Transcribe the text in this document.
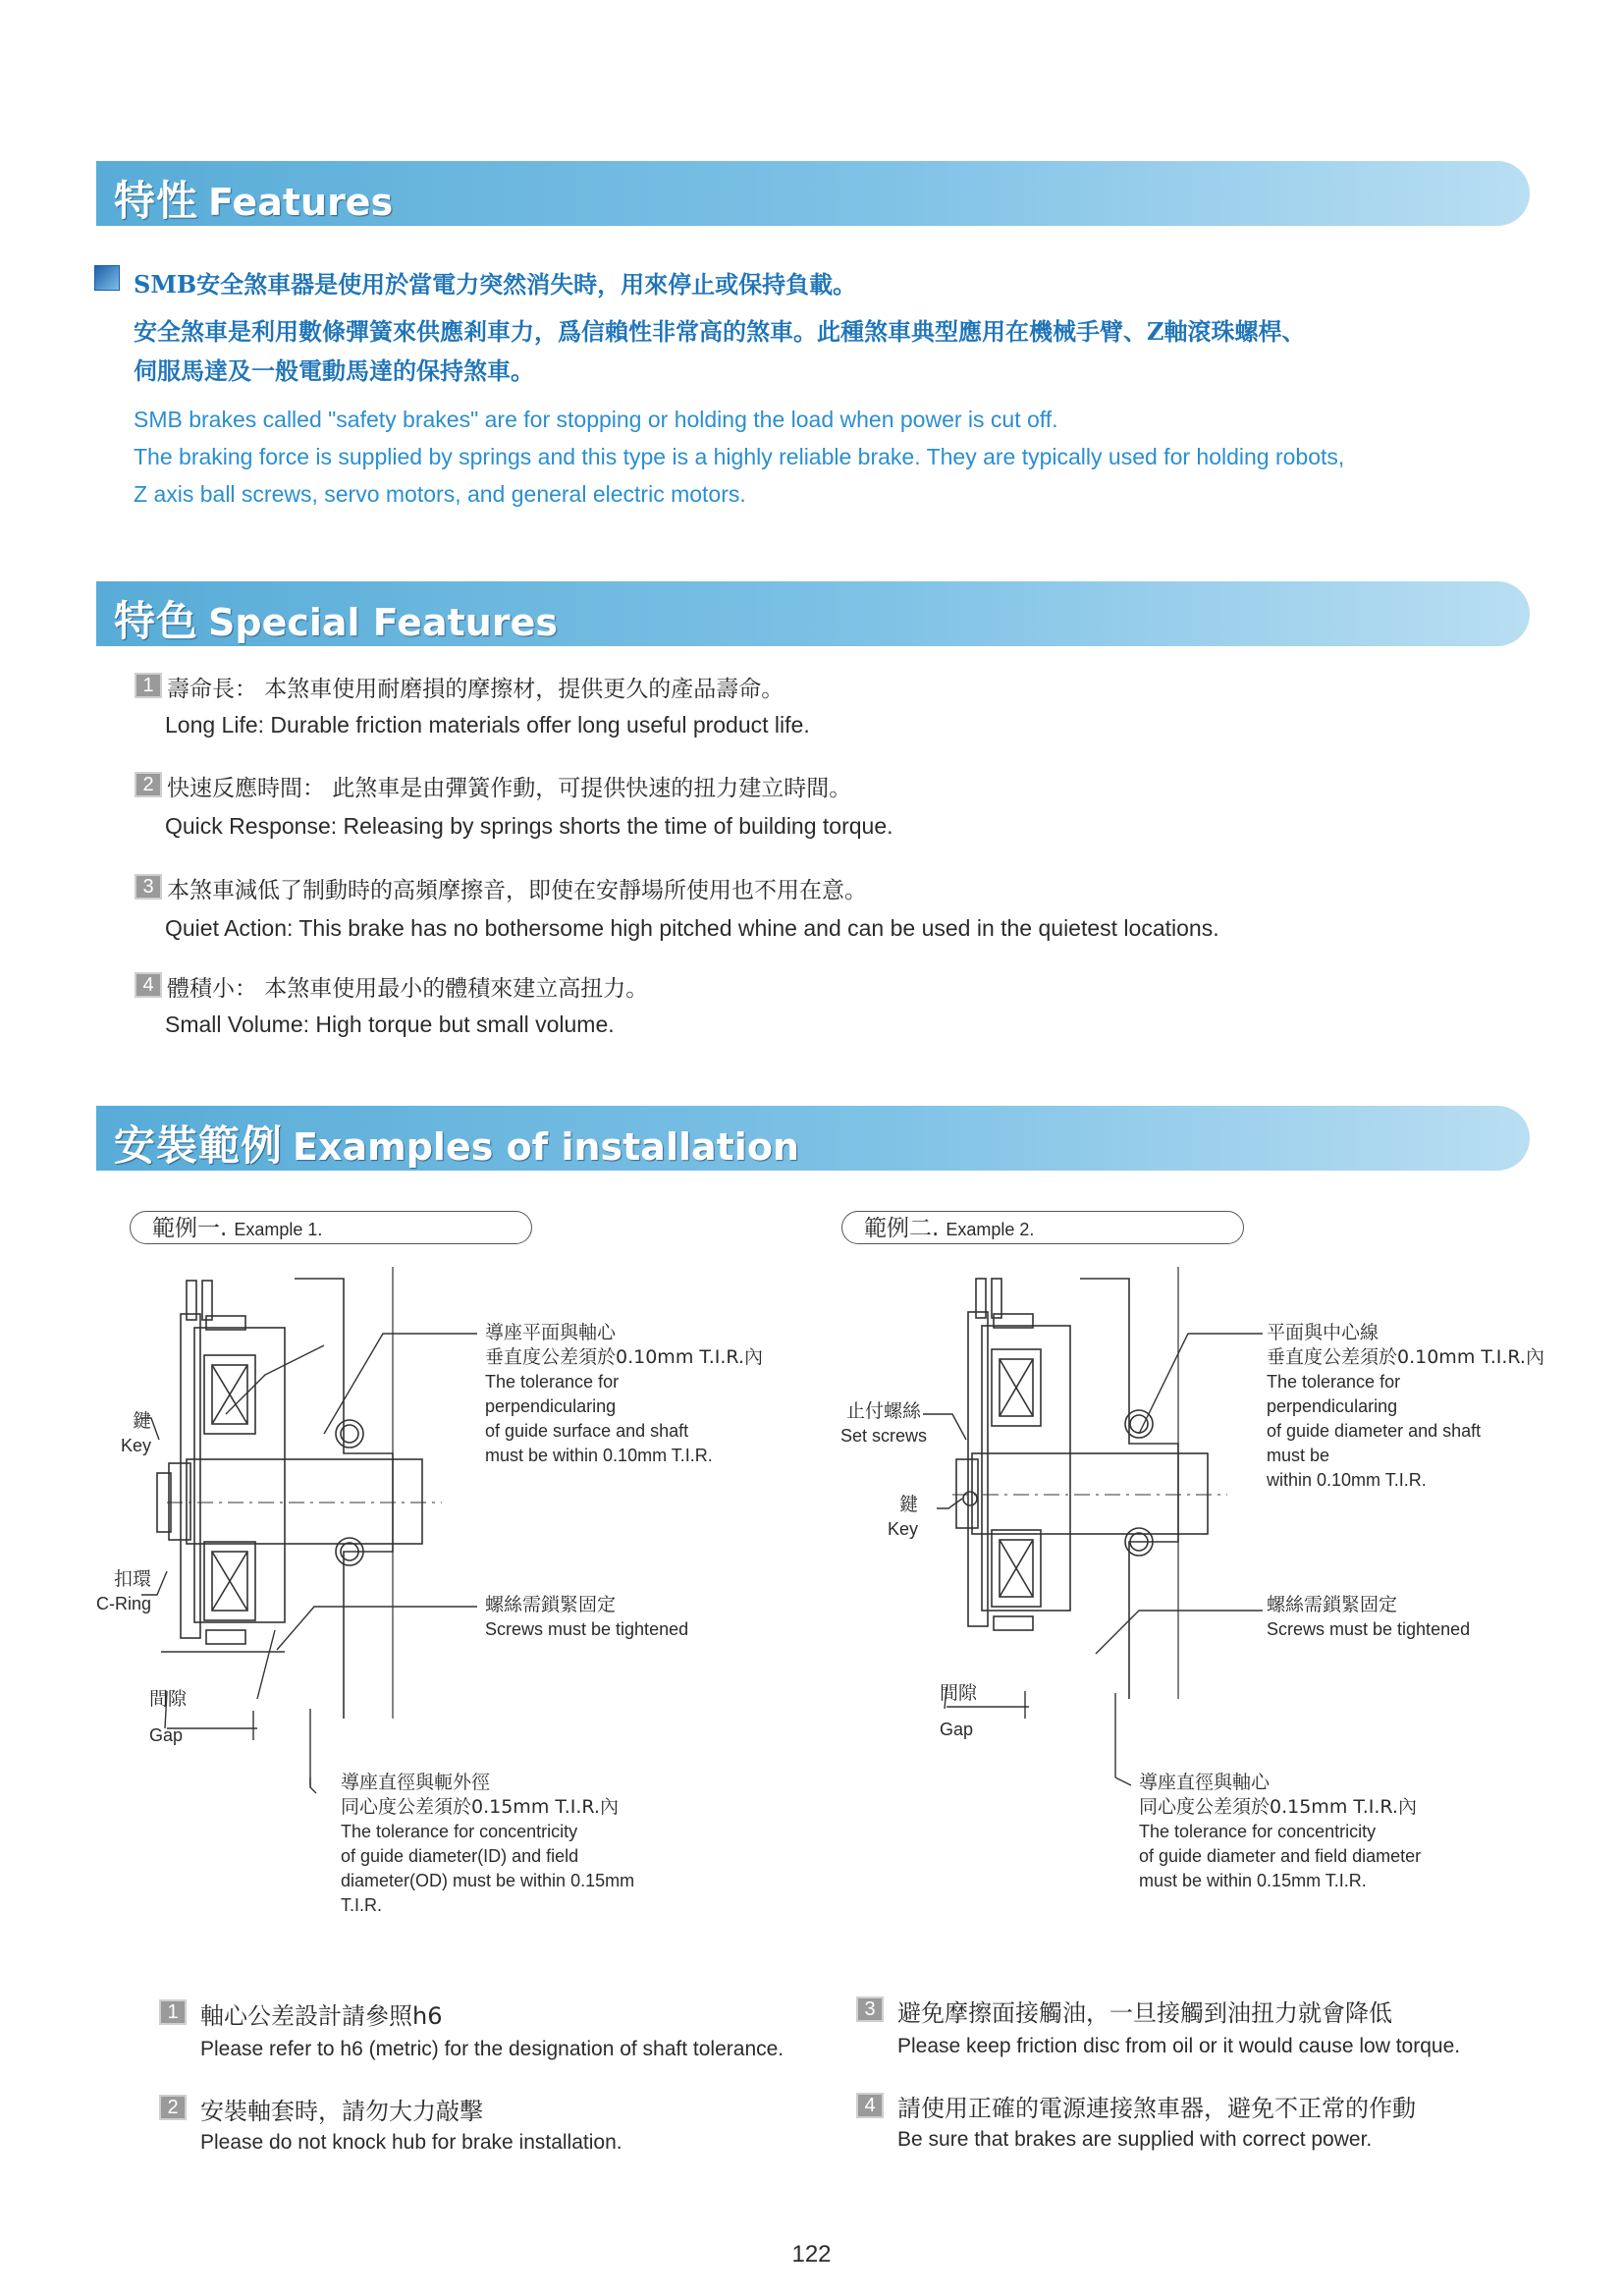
特性 Features
SMB安全煞車器是使用於當電力突然消失時，用來停止或保持負載。
安全煞車是利用數條彈簧來供應剎車力，爲信賴性非常高的煞車。此種煞車典型應用在機械手臂、Z軸滾珠螺桿、
伺服馬達及一般電動馬達的保持煞車。
SMB brakes called "safety brakes" are for stopping or holding the load when power is cut off.
The braking force is supplied by springs and this type is a highly reliable brake. They are typically used for holding robots,
Z axis ball screws, servo motors, and general electric motors.
特色 Special Features
1 壽命長： 本煞車使用耐磨損的摩擦材，提供更久的產品壽命。
Long Life: Durable friction materials offer long useful product life.
2 快速反應時間： 此煞車是由彈簧作動，可提供快速的扭力建立時間。
Quick Response: Releasing by springs shorts the time of building torque.
3 本煞車減低了制動時的高頻摩擦音，即使在安靜場所使用也不用在意。
Quiet Action: This brake has no bothersome high pitched whine and can be used in the quietest locations.
4 體積小： 本煞車使用最小的體積來建立高扭力。
Small Volume: High torque but small volume.
安裝範例 Examples of installation
範例一. Example 1.	範例二. Example 2.
導座平面與軸心
垂直度公差須於0.10mm T.I.R.內
The tolerance for
perpendicularing
of guide surface and shaft
must be within 0.10mm T.I.R.
鍵
Key
扣環
C-Ring	螺絲需鎖緊固定
Screws must be tightened
間隙
Gap
導座直徑與軛外徑
同心度公差須於0.15mm T.I.R.內
The tolerance for concentricity
of guide diameter(ID) and field
diameter(OD) must be within 0.15mm
T.I.R.
平面與中心線
垂直度公差須於0.10mm T.I.R.內
The tolerance for
perpendicularing
of guide diameter and shaft
must be
within 0.10mm T.I.R.
止付螺絲
Set screws
鍵
Key
螺絲需鎖緊固定
Screws must be tightened
間隙
Gap
導座直徑與軸心
同心度公差須於0.15mm T.I.R.內
The tolerance for concentricity
of guide diameter and field diameter
must be within 0.15mm T.I.R.
1 軸心公差設計請參照h6
Please refer to h6 (metric) for the designation of shaft tolerance.
2 安裝軸套時，請勿大力敲擊
Please do not knock hub for brake installation.
3 避免摩擦面接觸油，一旦接觸到油扭力就會降低
Please keep friction disc from oil or it would cause low torque.
4 請使用正確的電源連接煞車器，避免不正常的作動
Be sure that brakes are supplied with correct power.
122
